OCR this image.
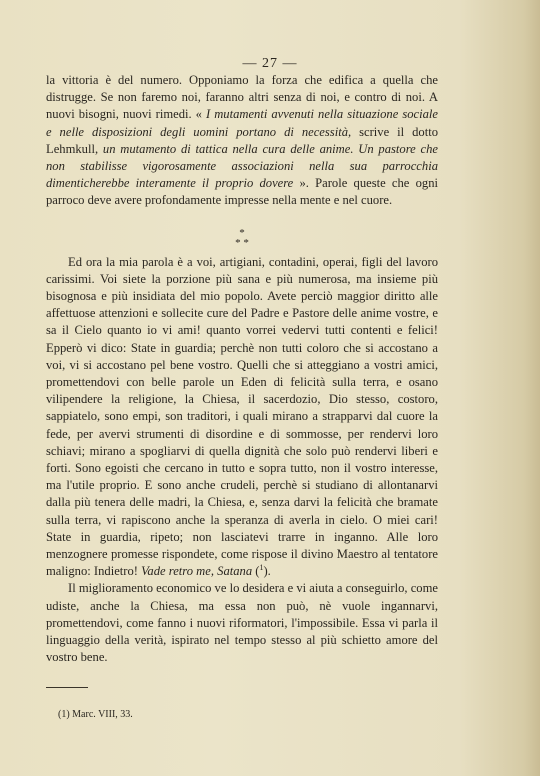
— 27 —

la vittoria è del numero. Opponiamo la forza che edifica a quella che distrugge. Se non faremo noi, faranno altri senza di noi, e contro di noi. A nuovi bisogni, nuovi rimedi. « I mutamenti avvenuti nella situazione sociale e nelle disposizioni degli uomini portano di necessità, scrive il dotto Lehmkull, un mutamento di tattica nella cura delle anime. Un pastore che non stabilisse vigorosamente associazioni nella sua parrocchia dimenticherebbe interamente il proprio dovere ». Parole queste che ogni parroco deve avere profondamente impresse nella mente e nel cuore.

*
* *

Ed ora la mia parola è a voi, artigiani, contadini, operai, figli del lavoro carissimi. Voi siete la porzione più sana e più numerosa, ma insieme più bisognosa e più insidiata del mio popolo. Avete perciò maggior diritto alle affettuose attenzioni e sollecite cure del Padre e Pastore delle anime vostre, e sa il Cielo quanto io vi ami! quanto vorrei vedervi tutti contenti e felici! Epperò vi dico: State in guardia; perchè non tutti coloro che si accostano a voi, vi si accostano pel bene vostro. Quelli che si atteggiano a vostri amici, promettendovi con belle parole un Eden di felicità sulla terra, e osano vilipendere la religione, la Chiesa, il sacerdozio, Dio stesso, costoro, sappiatelo, sono empi, son traditori, i quali mirano a strapparvi dal cuore la fede, per avervi strumenti di disordine e di sommosse, per rendervi loro schiavi; mirano a spogliarvi di quella dignità che solo può rendervi liberi e forti. Sono egoisti che cercano in tutto e sopra tutto, non il vostro interesse, ma l'utile proprio. E sono anche crudeli, perchè si studiano di allontanarvi dalla più tenera delle madri, la Chiesa, e, senza darvi la felicità che bramate sulla terra, vi rapiscono anche la speranza di averla in cielo. O miei cari! State in guardia, ripeto; non lasciatevi trarre in inganno. Alle loro menzognere promesse rispondete, come rispose il divino Maestro al tentatore maligno: Indietro! Vade retro me, Satana ($^1$).

Il miglioramento economico ve lo desidera e vi aiuta a conseguirlo, come udiste, anche la Chiesa, ma essa non può, nè vuole ingannarvi, promettendovi, come fanno i nuovi riformatori, l'impossibile. Essa vi parla il linguaggio della verità, ispirato nel tempo stesso al più schietto amore del vostro bene.

(1) Marc. VIII, 33.
